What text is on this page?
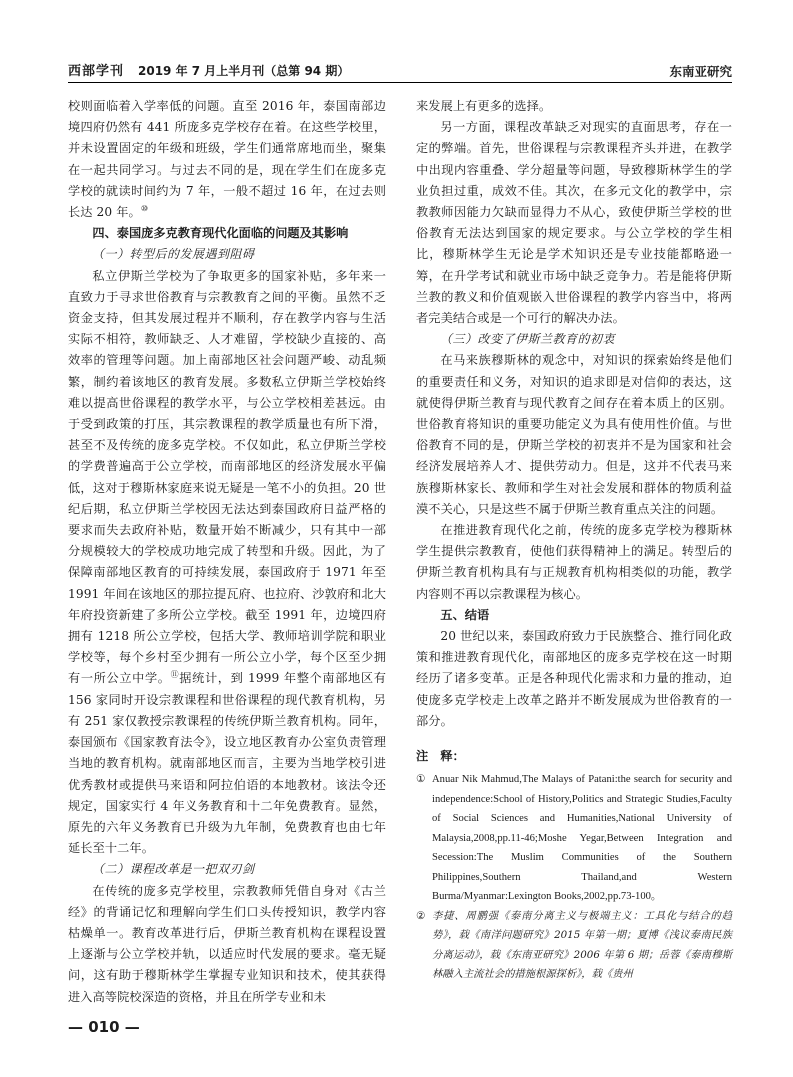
西部学刊 2019 年 7 月上半月刊（总第 94 期）	东南亚研究

校则面临着入学率低的问题。直至 2016 年，泰国南部边境四府仍然有 441 所庞多克学校存在着。在这些学校里，并未设置固定的年级和班级，学生们通常席地而坐，聚集在一起共同学习。与过去不同的是，现在学生们在庞多克学校的就读时间约为 7 年，一般不超过 16 年，在过去则长达 20 年。⑩

四、泰国庞多克教育现代化面临的问题及其影响

（一）转型后的发展遇到阻碍

私立伊斯兰学校为了争取更多的国家补贴，多年来一直致力于寻求世俗教育与宗教教育之间的平衡。虽然不乏资金支持，但其发展过程并不顺利，存在教学内容与生活实际不相符，教师缺乏、人才难留，学校缺少直接的、高效率的管理等问题。加上南部地区社会问题严峻、动乱频繁，制约着该地区的教育发展。多数私立伊斯兰学校始终难以提高世俗课程的教学水平，与公立学校相差甚远。由于受到政策的打压，其宗教课程的教学质量也有所下滑，甚至不及传统的庞多克学校。不仅如此，私立伊斯兰学校的学费普遍高于公立学校，而南部地区的经济发展水平偏低，这对于穆斯林家庭来说无疑是一笔不小的负担。20 世纪后期，私立伊斯兰学校因无法达到泰国政府日益严格的要求而失去政府补贴，数量开始不断减少，只有其中一部分规模较大的学校成功地完成了转型和升级。因此，为了保障南部地区教育的可持续发展，泰国政府于 1971 年至 1991 年间在该地区的那拉提瓦府、也拉府、沙敦府和北大年府投资新建了多所公立学校。截至 1991 年，边境四府拥有 1218 所公立学校，包括大学、教师培训学院和职业学校等，每个乡村至少拥有一所公立小学，每个区至少拥有一所公立中学。⑪据统计，到 1999 年整个南部地区有 156 家同时开设宗教课程和世俗课程的现代教育机构，另有 251 家仅教授宗教课程的传统伊斯兰教育机构。同年，泰国颁布《国家教育法令》，设立地区教育办公室负责管理当地的教育机构。就南部地区而言，主要为当地学校引进优秀教材或提供马来语和阿拉伯语的本地教材。该法令还规定，国家实行 4 年义务教育和十二年免费教育。显然，原先的六年义务教育已升级为九年制，免费教育也由七年延长至十二年。

（二）课程改革是一把双刃剑

在传统的庞多克学校里，宗教教师凭借自身对《古兰经》的背诵记忆和理解向学生们口头传授知识，教学内容枯燥单一。教育改革进行后，伊斯兰教育机构在课程设置上逐渐与公立学校并轨，以适应时代发展的要求。毫无疑问，这有助于穆斯林学生掌握专业知识和技术，使其获得进入高等院校深造的资格，并且在所学专业和未

来发展上有更多的选择。

另一方面，课程改革缺乏对现实的直面思考，存在一定的弊端。首先，世俗课程与宗教课程齐头并进，在教学中出现内容重叠、学分超量等问题，导致穆斯林学生的学业负担过重，成效不佳。其次，在多元文化的教学中，宗教教师因能力欠缺而显得力不从心，致使伊斯兰学校的世俗教育无法达到国家的规定要求。与公立学校的学生相比，穆斯林学生无论是学术知识还是专业技能都略逊一筹，在升学考试和就业市场中缺乏竞争力。若是能将伊斯兰教的教义和价值观嵌入世俗课程的教学内容当中，将两者完美结合或是一个可行的解决办法。

（三）改变了伊斯兰教育的初衷

在马来族穆斯林的观念中，对知识的探索始终是他们的重要责任和义务，对知识的追求即是对信仰的表达，这就使得伊斯兰教育与现代教育之间存在着本质上的区别。世俗教育将知识的重要功能定义为具有使用性价值。与世俗教育不同的是，伊斯兰学校的初衷并不是为国家和社会经济发展培养人才、提供劳动力。但是，这并不代表马来族穆斯林家长、教师和学生对社会发展和群体的物质利益漠不关心，只是这些不属于伊斯兰教育重点关注的问题。

在推进教育现代化之前，传统的庞多克学校为穆斯林学生提供宗教教育，使他们获得精神上的满足。转型后的伊斯兰教育机构具有与正规教育机构相类似的功能，教学内容则不再以宗教课程为核心。

五、结语

20 世纪以来，泰国政府致力于民族整合、推行同化政策和推进教育现代化，南部地区的庞多克学校在这一时期经历了诸多变革。正是各种现代化需求和力量的推动，迫使庞多克学校走上改革之路并不断发展成为世俗教育的一部分。

注　释：
① Anuar Nik Mahmud,The Malays of Patani:the search for security and independence:School of History,Politics and Strategic Studies,Faculty of Social Sciences and Humanities,National University of Malaysia,2008,pp.11-46;Moshe Yegar,Between Integration and Secession:The Muslim Communities of the Southern Philippines,Southern Thailand,and Western Burma/Myanmar:Lexington Books,2002,pp.73-100。
② 李捷、周鹏强《泰南分离主义与极端主义：工具化与结合的趋势》，载《南洋问题研究》2015 年第一期；夏博《浅议泰南民族分离运动》，载《东南亚研究》2006 年第 6 期；岳蓉《泰南穆斯林融入主流社会的措施根源探析》，载《贵州
— 010 —
